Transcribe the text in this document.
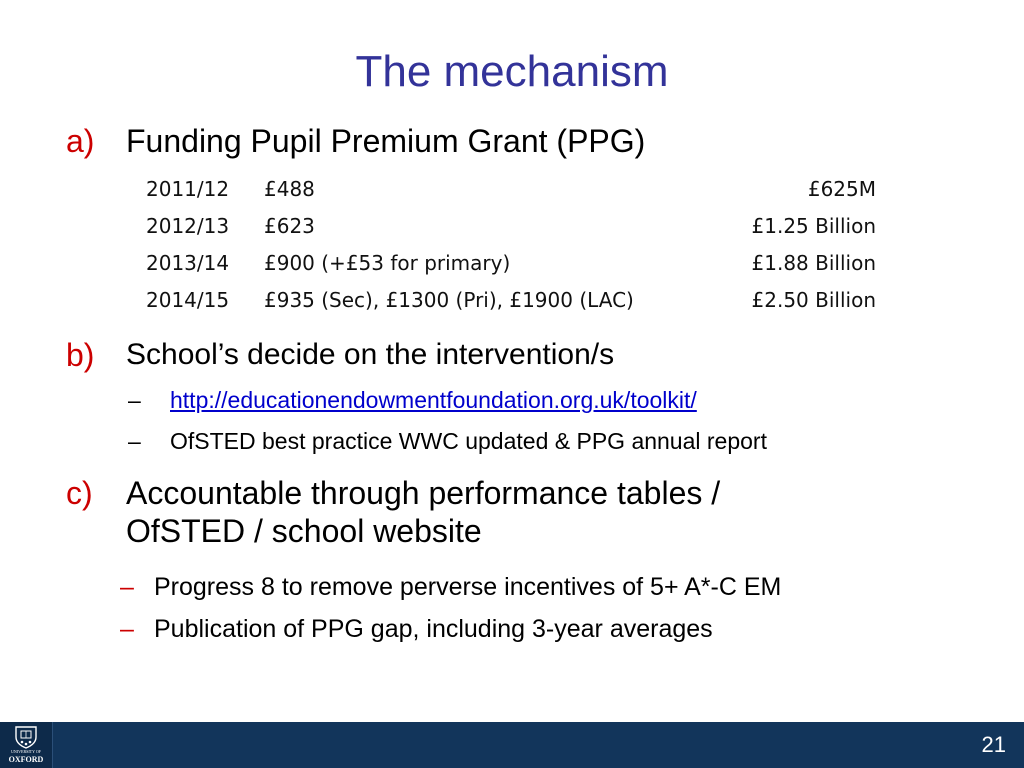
The mechanism
a) Funding Pupil Premium Grant (PPG)
2011/12	£488	£625M
2012/13	£623	£1.25 Billion
2013/14	£900 (+£53 for primary)	£1.88 Billion
2014/15	£935 (Sec), £1300 (Pri), £1900 (LAC)	£2.50 Billion
b) School’s decide on the intervention/s
– http://educationendowmentfoundation.org.uk/toolkit/
– OfSTED best practice WWC updated & PPG annual report
c) Accountable through performance tables /
OfSTED / school website
– Progress 8 to remove perverse incentives of 5+ A*-C EM
– Publication of PPG gap, including 3-year averages
UNIVERSITY OF
OXFORD
21
